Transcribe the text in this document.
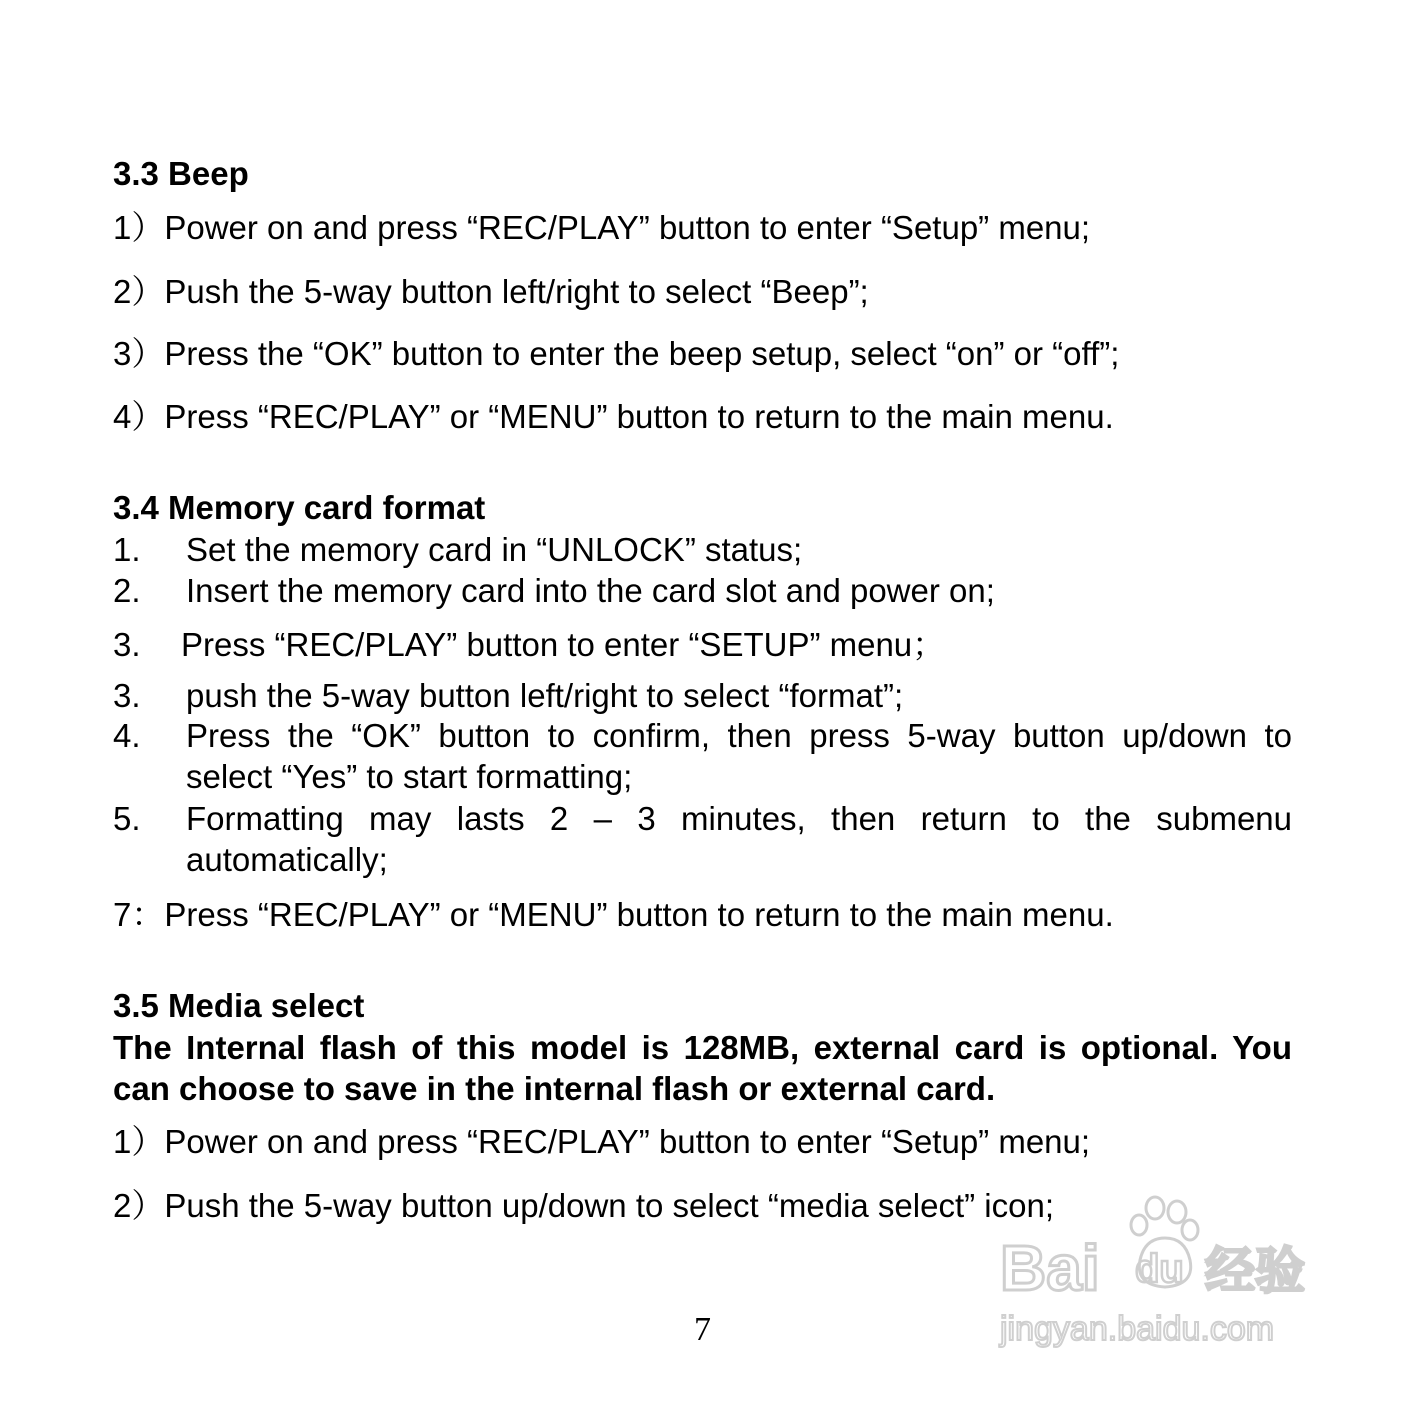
3.3 Beep
1）Power on and press “REC/PLAY” button to enter “Setup” menu;
2）Push the 5-way button left/right to select “Beep”;
3）Press the “OK” button to enter the beep setup, select “on” or “off”;
4）Press “REC/PLAY” or “MENU” button to return to the main menu.
3.4 Memory card format
1. Set the memory card in “UNLOCK” status;
2. Insert the memory card into the card slot and power on;
3. Press “REC/PLAY” button to enter “SETUP” menu；
3. push the 5-way button left/right to select “format”;
4. Press the “OK” button to confirm, then press 5-way button up/down to select “Yes” to start formatting;
5. Formatting may lasts 2 – 3 minutes, then return to the submenu automatically;
7：Press “REC/PLAY” or “MENU” button to return to the main menu.
3.5 Media select
The Internal flash of this model is 128MB, external card is optional. You can choose to save in the internal flash or external card.
1）Power on and press “REC/PLAY” button to enter “Setup” menu;
2）Push the 5-way button up/down to select “media select” icon;
7
Bai du 经验
jingyan.baidu.com
